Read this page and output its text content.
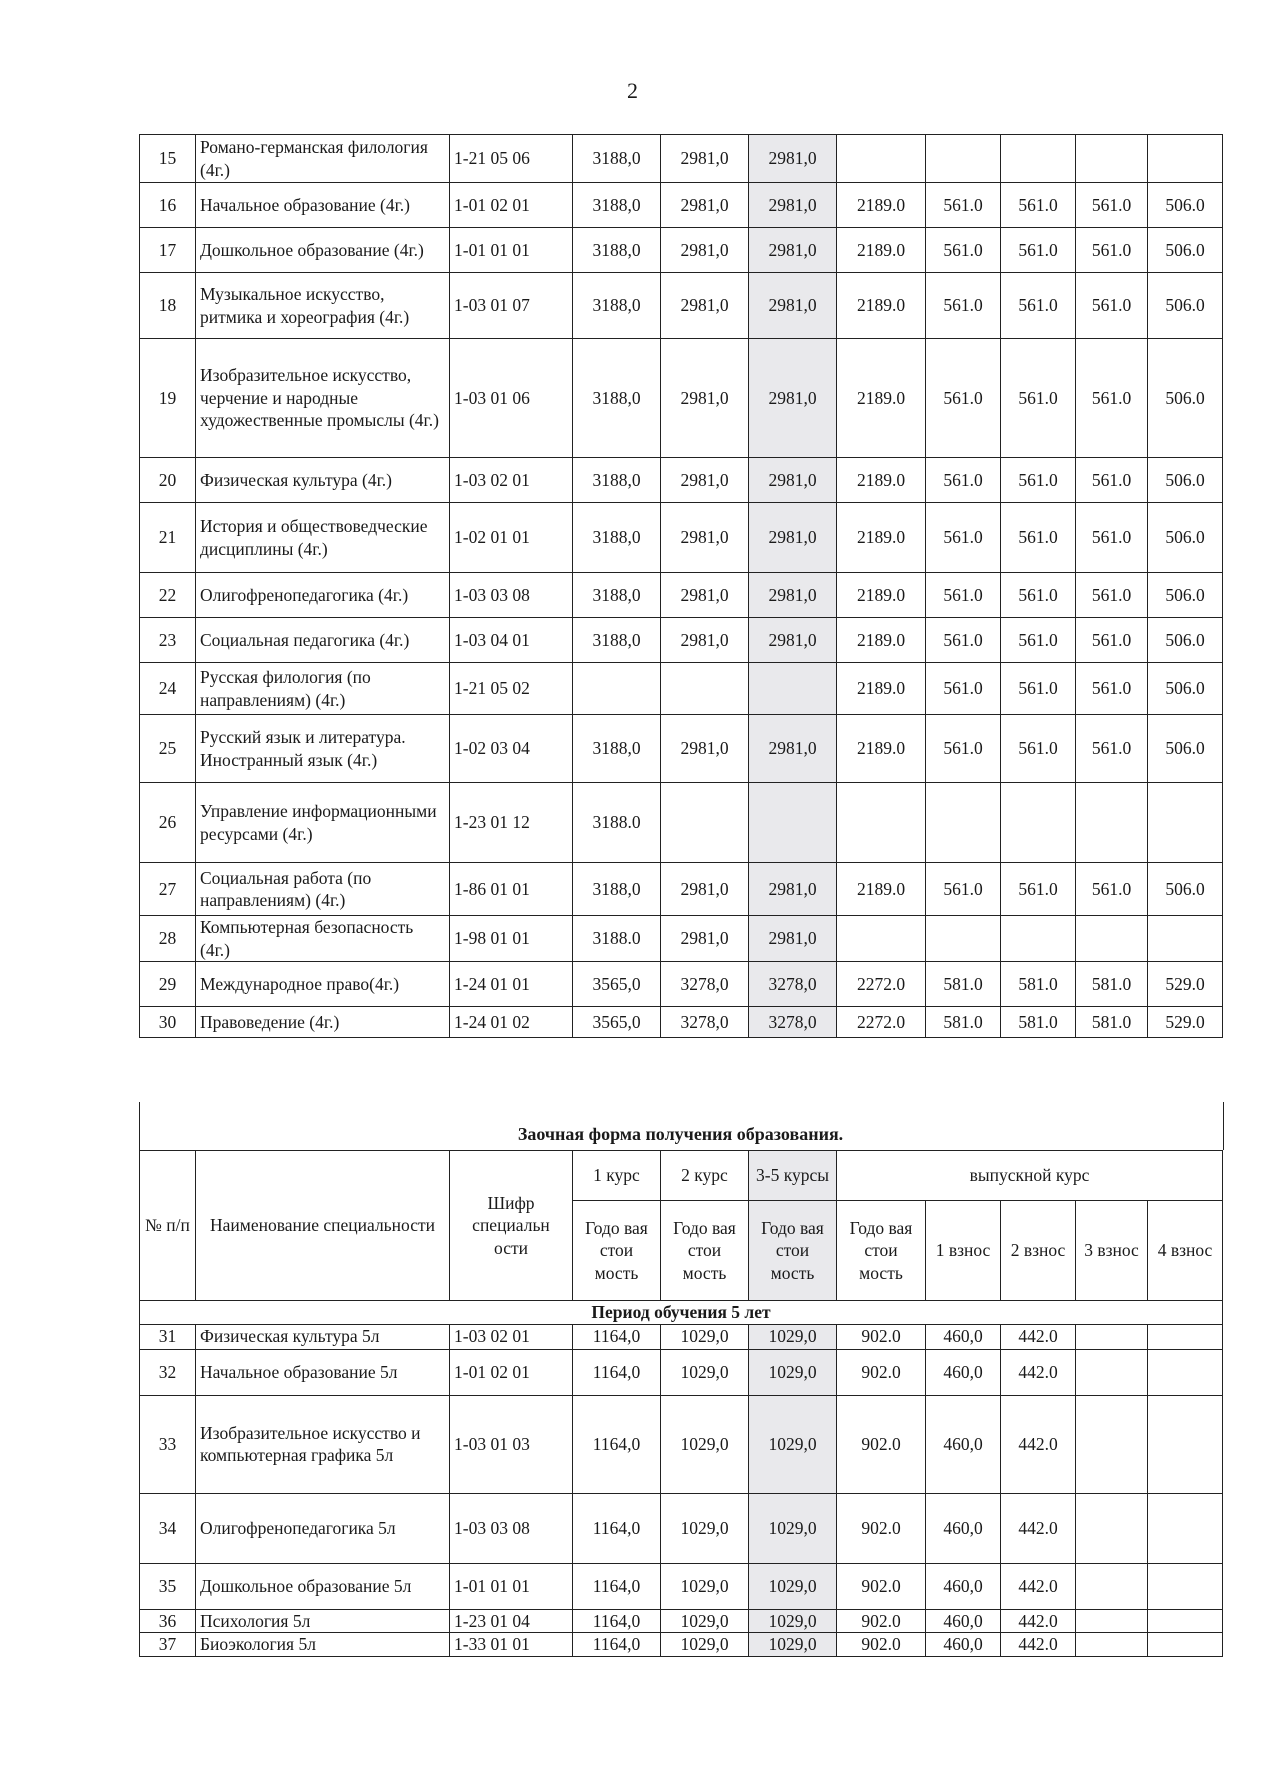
2
15	Романо-германская филология (4г.)	1-21 05 06	3188,0	2981,0	2981,0					
16	Начальное образование (4г.)	1-01 02 01	3188,0	2981,0	2981,0	2189.0	561.0	561.0	561.0	506.0
17	Дошкольное образование (4г.)	1-01 01 01	3188,0	2981,0	2981,0	2189.0	561.0	561.0	561.0	506.0
18	Музыкальное искусство, ритмика и хореография (4г.)	1-03 01 07	3188,0	2981,0	2981,0	2189.0	561.0	561.0	561.0	506.0
19	Изобразительное искусство, черчение и народные художественные промыслы (4г.)	1-03 01 06	3188,0	2981,0	2981,0	2189.0	561.0	561.0	561.0	506.0
20	Физическая культура (4г.)	1-03 02 01	3188,0	2981,0	2981,0	2189.0	561.0	561.0	561.0	506.0
21	История и обществоведческие дисциплины (4г.)	1-02 01 01	3188,0	2981,0	2981,0	2189.0	561.0	561.0	561.0	506.0
22	Олигофренопедагогика (4г.)	1-03 03 08	3188,0	2981,0	2981,0	2189.0	561.0	561.0	561.0	506.0
23	Социальная педагогика (4г.)	1-03 04 01	3188,0	2981,0	2981,0	2189.0	561.0	561.0	561.0	506.0
24	Русская филология (по направлениям) (4г.)	1-21 05 02				2189.0	561.0	561.0	561.0	506.0
25	Русский язык и литература. Иностранный язык (4г.)	1-02 03 04	3188,0	2981,0	2981,0	2189.0	561.0	561.0	561.0	506.0
26	Управление информационными ресурсами (4г.)	1-23 01 12	3188.0							
27	Социальная работа (по направлениям) (4г.)	1-86 01 01	3188,0	2981,0	2981,0	2189.0	561.0	561.0	561.0	506.0
28	Компьютерная безопасность (4г.)	1-98 01 01	3188.0	2981,0	2981,0					
29	Международное право(4г.)	1-24 01 01	3565,0	3278,0	3278,0	2272.0	581.0	581.0	581.0	529.0
30	Правоведение (4г.)	1-24 01 02	3565,0	3278,0	3278,0	2272.0	581.0	581.0	581.0	529.0
Заочная форма получения образования.
№ п/п	Наименование специальности	Шифр специальн ости	1 курс	2 курс	3-5 курсы	выпускной курс				
			Годо вая стои мость	Годо вая стои мость	Годо вая стои мость	Годо вая стои мость	1 взнос	2 взнос	3 взнос	4 взнос
Период обучения 5 лет										
31	Физическая культура 5л	1-03 02 01	1164,0	1029,0	1029,0	902.0	460,0	442.0		
32	Начальное образование 5л	1-01 02 01	1164,0	1029,0	1029,0	902.0	460,0	442.0		
33	Изобразительное искусство и компьютерная графика 5л	1-03 01 03	1164,0	1029,0	1029,0	902.0	460,0	442.0		
34	Олигофренопедагогика 5л	1-03 03 08	1164,0	1029,0	1029,0	902.0	460,0	442.0		
35	Дошкольное образование 5л	1-01 01 01	1164,0	1029,0	1029,0	902.0	460,0	442.0		
36	Психология 5л	1-23 01 04	1164,0	1029,0	1029,0	902.0	460,0	442.0		
37	Биоэкология 5л	1-33 01 01	1164,0	1029,0	1029,0	902.0	460,0	442.0		
